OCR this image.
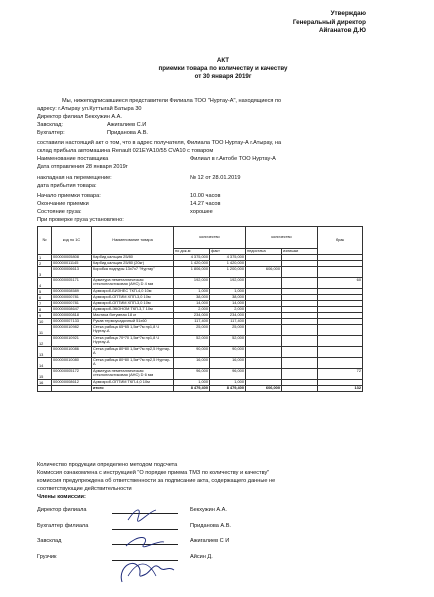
Утверждаю
Генеральный директор
Айганатов Д.Ю
АКТ
приемки товара по количеству и качеству
от 30 января 2019г
Мы, нижеподписавшиеся представители Филиала ТОО "Нуртау-А", находящиеся по
адресу: г.Атырау ул.Куттыгай Батыра 30
Директор филиал Бекхужин А.А.
Завсклад:	Ажигалиев С.И
Бухгалтер:	Приданова А.В.
составили настоящий акт о том, что в адрес получателя, Филиала ТОО Нуртау-А г.Атырау, на
склад прибыла автомашина Renault 021EYA10/55 CVA10 с товаром
Наименование поставщика	Филиал в г.Актобе ТОО Нуртау-А
Дата отправления 28 января 2019г
накладная на перемещение:	№ 12 от 28.01.2019
дата прибытия товара:
Начало приемки товара:	10.00 часов
Окончание приемки	14.27 часов
Состояние груза:	хорошее
При проверке груза установлено:
№	код по 1С	Наименование товара	количество		количество		брак
			по док-м	факт	недостача	излишки	
1	000000005808	Карбид кальция 25/80	4 375,000	4 375,000			
2	000000011145	Карбид кальция 25/80 (20кг)	1 420,000	1 420,000			
3	000000006613	Коробка подпуры 13х7х7 "Нуртау"	1 806,000	1 200,000	606,000		
4	000000005171	Арматура неметаллическая стеклопластиковая (АНС) D 4 мм	192,000	192,000			60
5	000000008589	Армизроб-БИЗНЕС ТКП-4,0 10м	1,000	1,000			
6	000000000781	Армизроб-ОПТИМ ХПП-3,0 10м	38,000	38,000			
7	000000000781	Армизроб-ОПТИМ ХПП-3,0 10м	14,000	14,000			
8	000000008647	Армизроб-ЭКОНОМ ТКП-3,7 10м	2,000	2,000			
9	000000000818	Мастика битумная 18 кг	234,000	234,000			
10	000000007133	Рукав термоусадочный 51х60	117,400	117,400			
11	000000010982	Сетка рабица 65*65 1,5м*7м пр1,8 Ч Нуртау-А	25,000	25,000			
12	000000010921	Сетка рабица 70*70 1,5м*7м пр1,8 Ч Нуртау-А	52,000	52,000			
13	000000010086	Сетка рабица 80*80 1,5м*7м пр2,5 Нуртау-А	90,000	90,000			
14	000000010080	Сетка рабица 80*80 1,5м*7м пр2,5 Нуртау-А	16,000	16,000			
15	000000005172	Арматура неметаллическая стеклопластиковая (АНС) D 6 мм	96,000	96,000			72
16	000000008612	Армизроб-ОПТИМ ТКП-4,0 10м	1,000	1,000			
		итого	8 479,400	8 479,400	606,000		132
Количество продукции определено методом подсчета
Комиссия ознакомлена с инструкцией "О порядке приема ТМЗ по количеству и качеству"
комиссия предупреждена об ответственности за подписание акта, содержащего данные не
соответствующие действительности
Члены комиссии:
Директор филиала	Бекхужин А.А.
Бухгалтер филиала	Приданова А.В.
Завсклад	Ажигалиев С И
Грузчик	Айсин Д.
